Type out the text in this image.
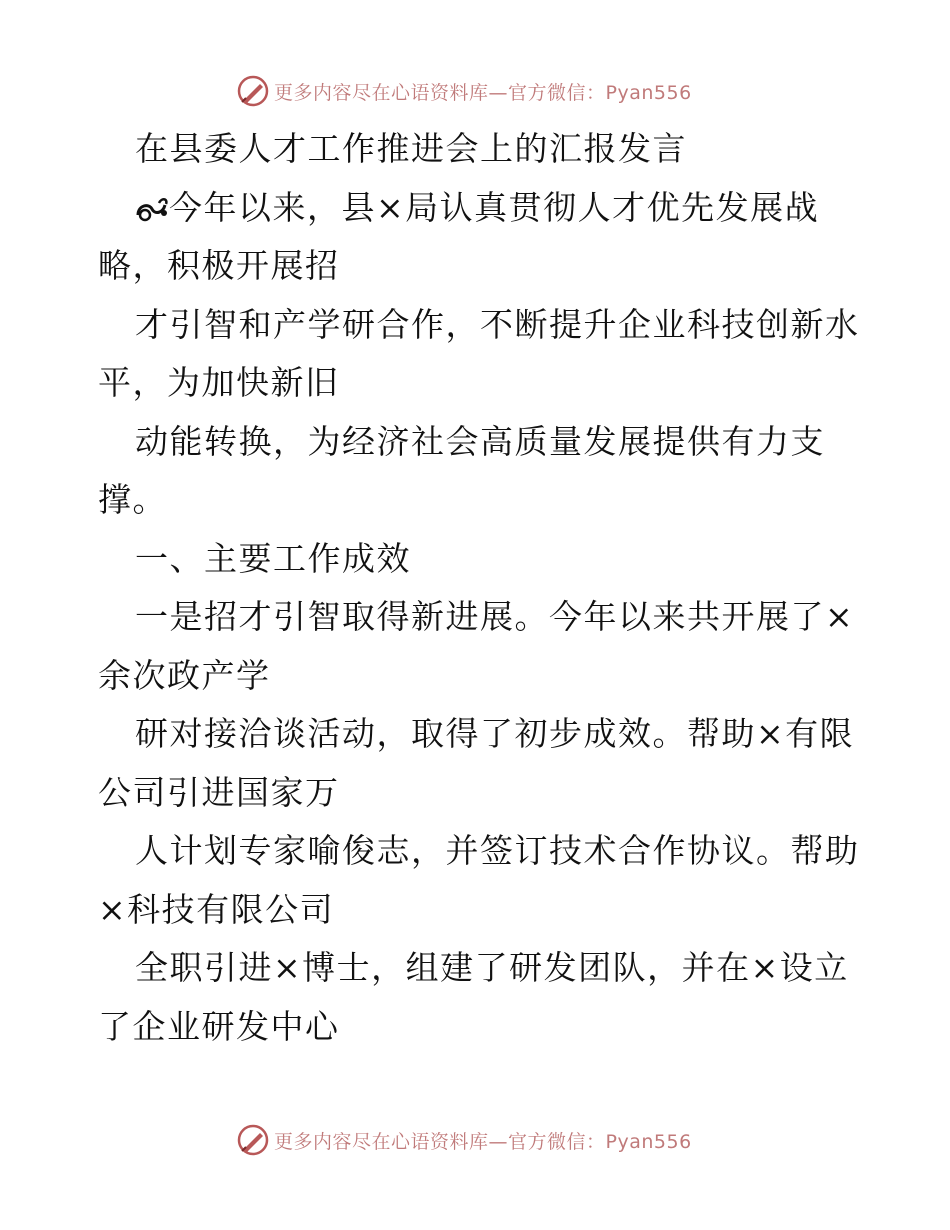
更多内容尽在心语资料库—官方微信：Pyan556
在县委人才工作推进会上的汇报发言
今年以来，县×局认真贯彻人才优先发展战
略，积极开展招
才引智和产学研合作，不断提升企业科技创新水
平，为加快新旧
动能转换，为经济社会高质量发展提供有力支
撑。
一、主要工作成效
一是招才引智取得新进展。今年以来共开展了×
余次政产学
研对接洽谈活动，取得了初步成效。帮助×有限
公司引进国家万
人计划专家喻俊志，并签订技术合作协议。帮助
×科技有限公司
全职引进×博士，组建了研发团队，并在×设立
了企业研发中心
更多内容尽在心语资料库—官方微信：Pyan556
